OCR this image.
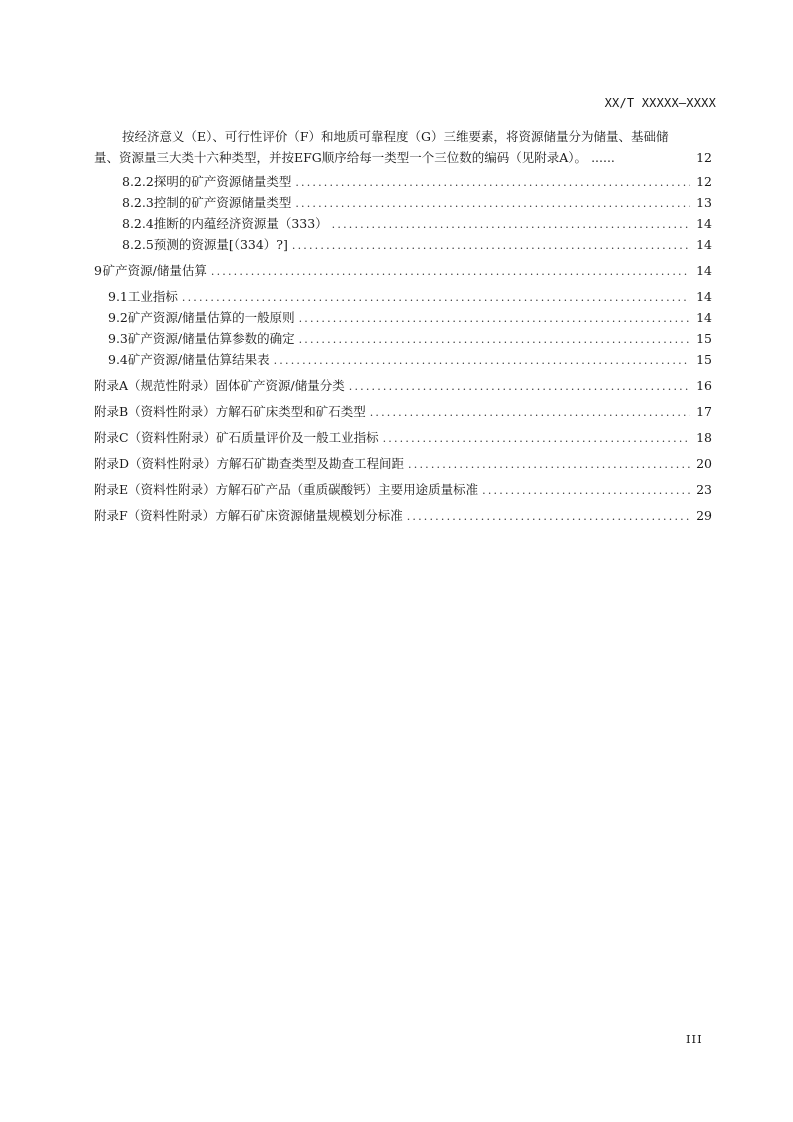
XX/T XXXXX—XXXX
按经济意义（E）、可行性评价（F）和地质可靠程度（G）三维要素，将资源储量分为储量、基础储
量、资源量三大类十六种类型，并按EFG顺序给每一类型一个三位数的编码（见附录A）。 ......	12
8.2.2 探明的矿产资源储量类型 .....	12
8.2.3 控制的矿产资源储量类型 .....	13
8.2.4 推断的内蕴经济资源量（333） .....	14
8.2.5 预测的资源量[（334）?] .....	14
9 矿产资源/储量估算 .....	14
9.1 工业指标 .....	14
9.2 矿产资源/储量估算的一般原则 .....	14
9.3 矿产资源/储量估算参数的确定 .....	15
9.4 矿产资源/储量估算结果表 .....	15
附录A（规范性附录） 固体矿产资源/储量分类 .....	16
附录B（资料性附录） 方解石矿床类型和矿石类型 .....	17
附录C（资料性附录） 矿石质量评价及一般工业指标 .....	18
附录D（资料性附录） 方解石矿勘查类型及勘查工程间距 .....	20
附录E（资料性附录） 方解石矿产品（重质碳酸钙）主要用途质量标准 .....	23
附录F（资料性附录） 方解石矿床资源储量规模划分标准 .....	29
III
